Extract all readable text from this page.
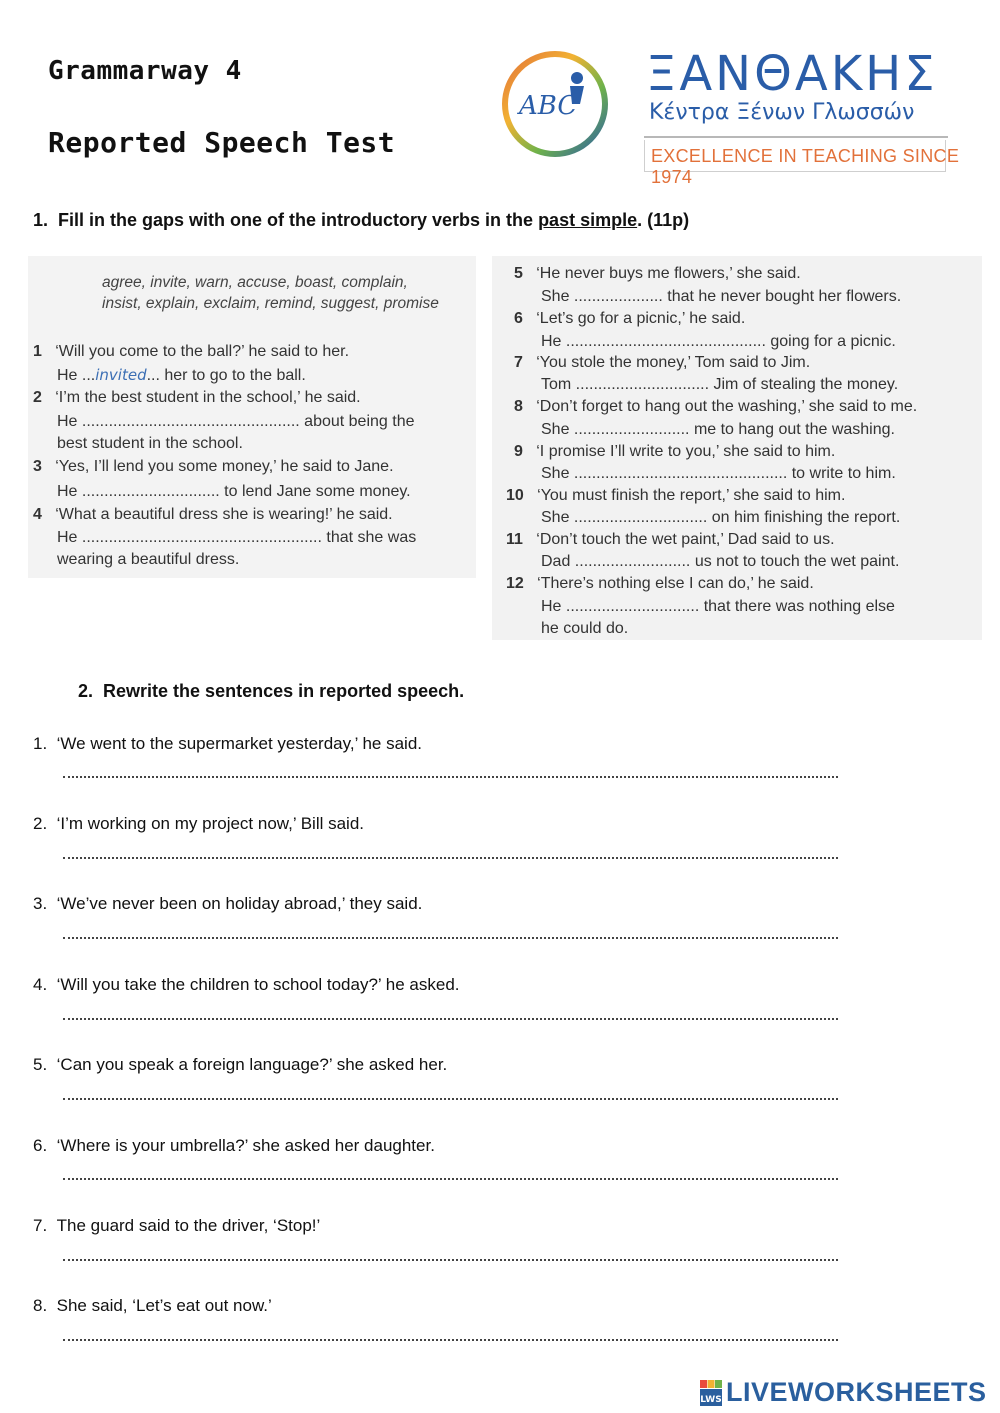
Grammarway 4
Reported Speech Test
ABC
ΞΑΝΘΑΚΗΣ
Κέντρα Ξένων Γλωσσών
EXCELLENCE IN TEACHING SINCE 1974
1. Fill in the gaps with one of the introductory verbs in the past simple. (11p)
agree, invite, warn, accuse, boast, complain,
insist, explain, exclaim, remind, suggest, promise
1 ‘Will you come to the ball?’ he said to her.
He ...invited... her to go to the ball.
2 ‘I’m the best student in the school,’ he said.
He ................................................. about being the
best student in the school.
3 ‘Yes, I’ll lend you some money,’ he said to Jane.
He ............................... to lend Jane some money.
4 ‘What a beautiful dress she is wearing!’ he said.
He ...................................................... that she was
wearing a beautiful dress.
5 ‘He never buys me flowers,’ she said.
She .................... that he never bought her flowers.
6 ‘Let’s go for a picnic,’ he said.
He ............................................. going for a picnic.
7 ‘You stole the money,’ Tom said to Jim.
Tom .............................. Jim of stealing the money.
8 ‘Don’t forget to hang out the washing,’ she said to me.
She .......................... me to hang out the washing.
9 ‘I promise I’ll write to you,’ she said to him.
She ................................................ to write to him.
10 ‘You must finish the report,’ she said to him.
She .............................. on him finishing the report.
11 ‘Don’t touch the wet paint,’ Dad said to us.
Dad .......................... us not to touch the wet paint.
12 ‘There’s nothing else I can do,’ he said.
He .............................. that there was nothing else
he could do.
2. Rewrite the sentences in reported speech.
1. ‘We went to the supermarket yesterday,’ he said.
2. ‘I’m working on my project now,’ Bill said.
3. ‘We’ve never been on holiday abroad,’ they said.
4. ‘Will you take the children to school today?’ he asked.
5. ‘Can you speak a foreign language?’ she asked her.
6. ‘Where is your umbrella?’ she asked her daughter.
7. The guard said to the driver, ‘Stop!’
8. She said, ‘Let’s eat out now.’
LWS LIVEWORKSHEETS
